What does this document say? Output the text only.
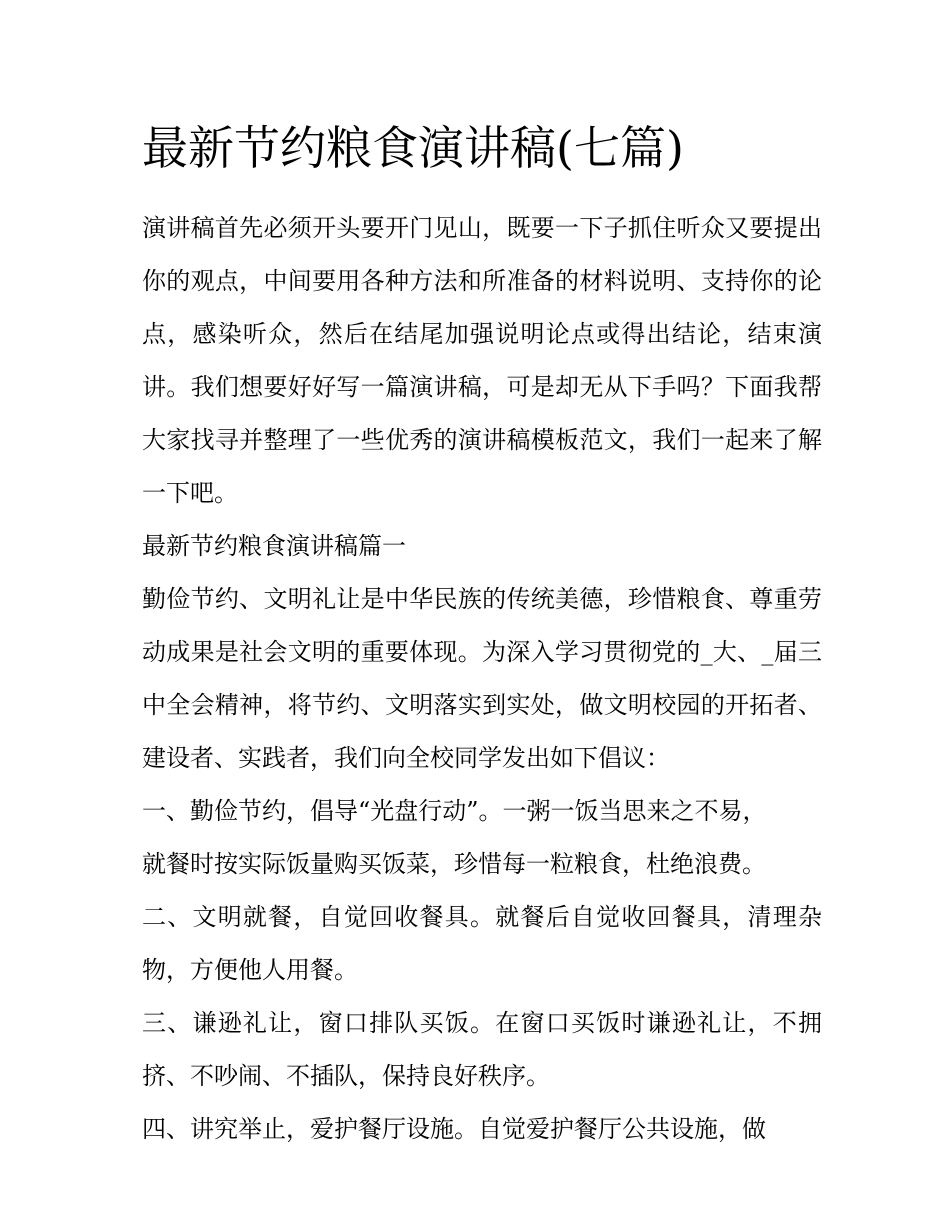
最新节约粮食演讲稿(七篇)

演讲稿首先必须开头要开门见山，既要一下子抓住听众又要提出你的观点，中间要用各种方法和所准备的材料说明、支持你的论点，感染听众，然后在结尾加强说明论点或得出结论，结束演讲。我们想要好好写一篇演讲稿，可是却无从下手吗？下面我帮大家找寻并整理了一些优秀的演讲稿模板范文，我们一起来了解一下吧。

最新节约粮食演讲稿篇一

勤俭节约、文明礼让是中华民族的传统美德，珍惜粮食、尊重劳动成果是社会文明的重要体现。为深入学习贯彻党的_大、_届三中全会精神，将节约、文明落实到实处，做文明校园的开拓者、建设者、实践者，我们向全校同学发出如下倡议：

一、勤俭节约，倡导“光盘行动”。一粥一饭当思来之不易，

就餐时按实际饭量购买饭菜，珍惜每一粒粮食，杜绝浪费。

二、文明就餐，自觉回收餐具。就餐后自觉收回餐具，清理杂物，方便他人用餐。

三、谦逊礼让，窗口排队买饭。在窗口买饭时谦逊礼让，不拥挤、不吵闹、不插队，保持良好秩序。

四、讲究举止，爱护餐厅设施。自觉爱护餐厅公共设施，做
